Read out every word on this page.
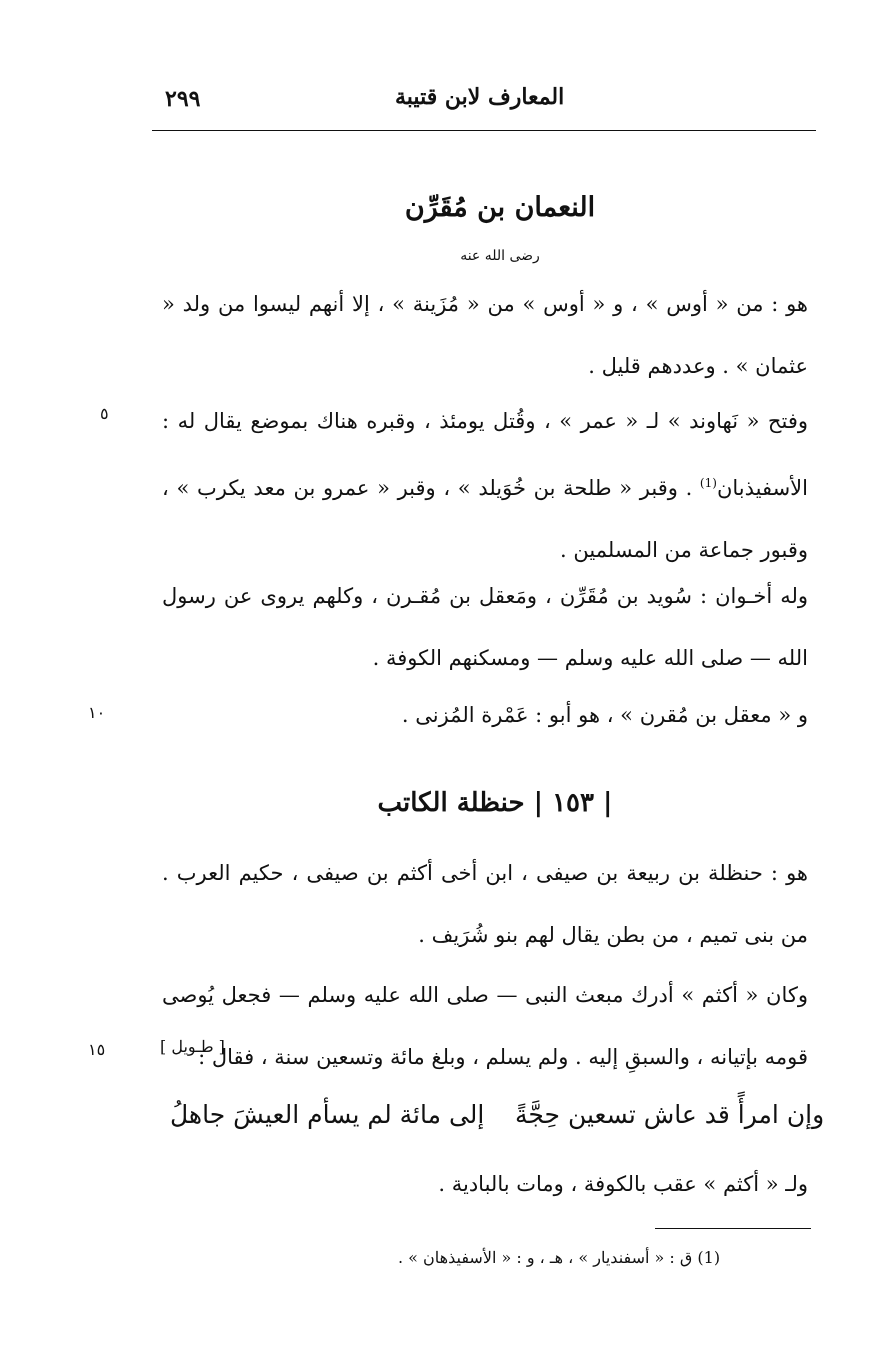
المعارف لابن قتيبة
٢٩٩
النعمان بن مُقَرِّن
رضى الله عنه
هو : من « أوس » ، و « أوس » من « مُزَينة » ، إلا أنهم ليسوا من ولد « عثمان » . وعددهم قليل .
وفتح « نَهاوند » لـ « عمر » ، وقُتل يومئذ ، وقبره هناك بموضع يقال له : الأسفيذبان$^{(1)}$ . وقبر « طلحة بن خُوَيلد » ، وقبر « عمرو بن معد يكرب » ، وقبور جماعة من المسلمين .
وله أخـوان : سُويد بن مُقَرِّن ، ومَعقل بن مُقـرن ، وكلهم يروى عن رسول الله — صلى الله عليه وسلم — ومسكنهم الكوفة .
و « معقل بن مُقرن » ، هو أبو : عَمْرة المُزنى .
| ١٥٣ | حنظلة الكاتب
هو : حنظلة بن ربيعة بن صيفى ، ابن أخى أكثم بن صيفى ، حكيم العرب . من بنى تميم ، من بطن يقال لهم بنو شُرَيف .
وكان « أكثم » أدرك مبعث النبى — صلى الله عليه وسلم — فجعل يُوصى قومه بإتيانه ، والسبقِ إليه . ولم يسلم ، وبلغ مائة وتسعين سنة ، فقال :
[ طـويل ]
وإن امرأً قد عاش تسعين حِجَّةً
إلى مائة لم يسأم العيشَ جاهلُ
ولـ « أكثم » عقب بالكوفة ، ومات بالبادية .
٥
١٠
١٥
(1) ق : « أسفنديار » ، هـ ، و : « الأسفيذهان » .
